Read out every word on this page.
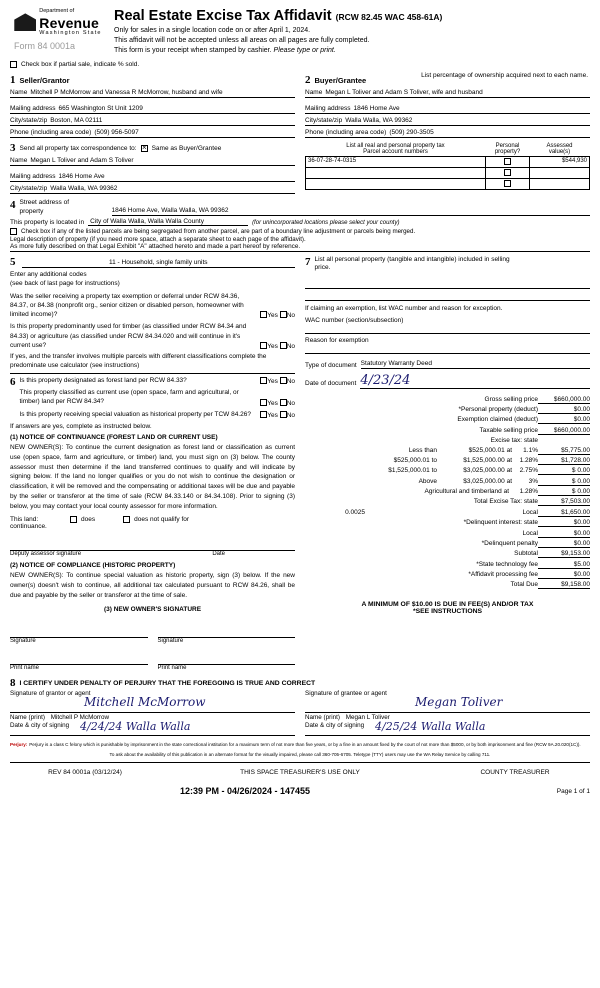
Department of
Revenue
Washington State
Form 84 0001a
Real Estate Excise Tax Affidavit (RCW 82.45 WAC 458-61A)
Only for sales in a single location code on or after April 1, 2024.
This affidavit will not be accepted unless all areas on all pages are fully completed.
This form is your receipt when stamped by cashier. Please type or print.
Check box if partial sale, indicate % sold.
List percentage of ownership acquired next to each name.
1 Seller/Grantor
Name Mitchell P McMorrow and Vanessa R McMorrow, husband and wife
Mailing address 665 Washington St Unit 1209
City/state/zip Boston, MA 02111
Phone (including area code) (509) 956-5097
2 Buyer/Grantee
Name Megan L Toliver and Adam S Toliver, wife and husband
Mailing address 1846 Home Ave
City/state/zip Walla Walla, WA 99362
Phone (including area code) (509) 290-3505
3 Send all property tax correspondence to: × Same as Buyer/Grantee
Name Megan L Toliver and Adam S Toliver
Mailing address 1846 Home Ave
City/state/zip Walla Walla, WA 99362
List all real and personal property tax
Parcel account numbers

Personal
property?

Assessed
value(s)

36-07-28-74-0315		$544,930

4 Street address of
property	1846 Home Ave, Walla Walla, WA 99362
This property is located in City of Walla Walla, Walla Walla County	(for unincorporated locations please select your county)
Check box if any of the listed parcels are being segregated from another parcel, are part of a boundary line adjustment or parcels being merged.
Legal description of property (if you need more space, attach a separate sheet to each page of the affidavit).
As more fully described on that Legal Exhibit "A" attached hereto and made a part hereof by reference.
5	11 - Household, single family units
Enter any additional codes
(see back of last page for instructions)
Was the seller receiving a property tax exemption or deferral under RCW 84.36, 84.37, or 84.38 (nonprofit org., senior citizen or disabled person, homeowner with limited income)?	Yes No
Is this property predominantly used for timber (as classified under RCW 84.34 and 84.33) or agriculture (as classified under RCW 84.34.020 and will continue in it's current use?	Yes No
If yes, and the transfer involves multiple parcels with different classifications complete the predominate use calculator (see instructions)
6 Is this property designated as forest land per RCW 84.33?	Yes No
This property classified as current use (open space, farm and agricultural, or timber) land per RCW 84.34?	Yes No
Is this property receiving special valuation as historical property per TCW 84.26?	Yes No
If answers are yes, complete as instructed below.
(1) NOTICE OF CONTINUANCE (FOREST LAND OR CURRENT USE)
NEW OWNER(S): To continue the current designation as forest land or classification as current use (open space, farm and agriculture, or timber) land, you must sign on (3) below. The county assessor must then determine if the land transferred continues to qualify and will indicate by signing below. If the land no longer qualifies or you do not wish to continue the designation or classification, it will be removed and the compensating or additional taxes will be due and payable by the seller or transferor at the time of sale (RCW 84.33.140 or 84.34.108). Prior to signing (3) below, you may contact your local county assessor for more information.
This land:	does	does not qualify for
continuance.
Deputy assessor signature	Date
(2) NOTICE OF COMPLIANCE (HISTORIC PROPERTY)
NEW OWNER(S): To continue special valuation as historic property, sign (3) below. If the new owner(s) doesn't wish to continue, all additional tax calculated pursuant to RCW 84.26, shall be due and payable by the seller or transferor at the time of sale.
(3) NEW OWNER'S SIGNATURE
Signature	Signature
Print name	Print name
7 List all personal property (tangible and intangible) included in selling
price.
If claiming an exemption, list WAC number and reason for exception.
WAC number (section/subsection)
Reason for exemption
Type of document Statutory Warranty Deed
Date of document 4/23/24
Gross selling price	$660,000.00
*Personal property (deduct)	$0.00
Exemption claimed (deduct)	$0.00
Taxable selling price	$660,000.00
Excise tax: state
Less than	$525,000.01 at	1.1%	$5,775.00
$525,000.01 to	$1,525,000.00 at	1.28%	$1,728.00
$1,525,000.01 to	$3,025,000.00 at	2.75%	$ 0.00
Above	$3,025,000.00 at	3%	$ 0.00
Agricultural and timberland at	1.28%	$ 0.00
Total Excise Tax: state	$7,503.00
0.0025	Local	$1,650.00
*Delinquent interest: state	$0.00
Local	$0.00
*Delinquent penalty	$0.00
Subtotal	$9,153.00
*State technology fee	$5.00
*Affidavit processing fee	$0.00
Total Due	$9,158.00
A MINIMUM OF $10.00 IS DUE IN FEE(S) AND/OR TAX
*SEE INSTRUCTIONS
8 I CERTIFY UNDER PENALTY OF PERJURY THAT THE FOREGOING IS TRUE AND CORRECT
Signature of grantor or agent
Mitchell McMorrow
Name (print) Mitchell P McMorrow
Date & city of signing 4/24/24 Walla Walla
Signature of grantee or agent
Megan Toliver
Name (print) Megan L Toliver
Date & city of signing 4/25/24 Walla Walla
Perjury: Perjury is a class C felony which is punishable by imprisonment in the state correctional institution for a maximum term of not more than five years, or by a fine in an amount fixed by the court of not more than $5000, or by both imprisonment and fine (RCW 9A.20.020(1C)).
To ask about the availability of this publication in an alternate format for the visually impaired, please call 360-705-6705. Teletype (TTY) users may use the WA Relay Service by calling 711.
REV 84 0001a (03/12/24)	THIS SPACE TREASURER'S USE ONLY	COUNTY TREASURER
12:39 PM - 04/26/2024 - 147455	Page 1 of 1
